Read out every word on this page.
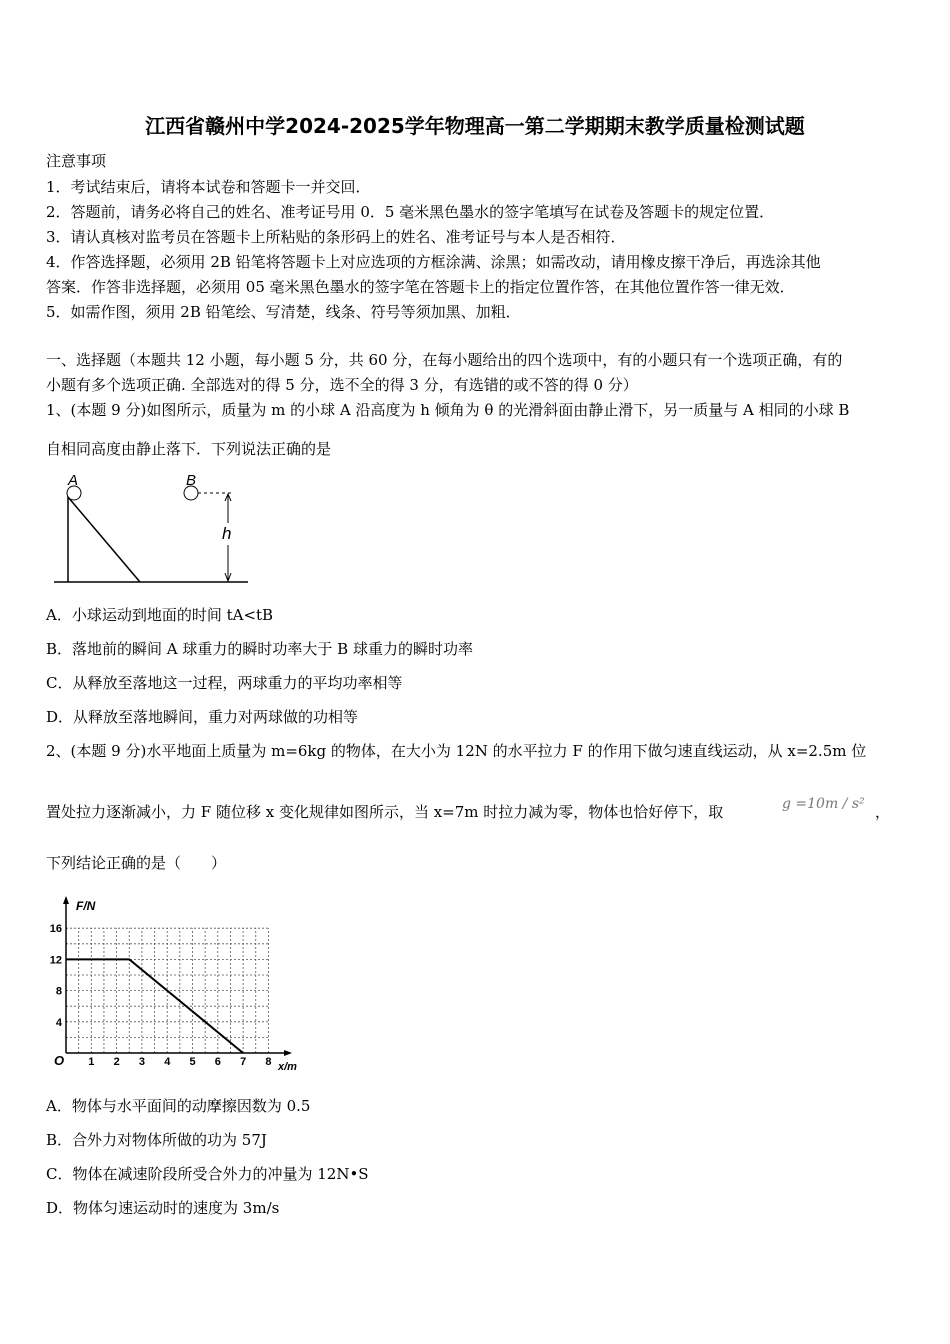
江西省赣州中学2024-2025学年物理高一第二学期期末教学质量检测试题
注意事项
1．考试结束后，请将本试卷和答题卡一并交回．
2．答题前，请务必将自己的姓名、准考证号用 0．5 毫米黑色墨水的签字笔填写在试卷及答题卡的规定位置．
3．请认真核对监考员在答题卡上所粘贴的条形码上的姓名、准考证号与本人是否相符．
4．作答选择题，必须用 2B 铅笔将答题卡上对应选项的方框涂满、涂黑；如需改动，请用橡皮擦干净后，再选涂其他
答案．作答非选择题，必须用 05 毫米黑色墨水的签字笔在答题卡上的指定位置作答，在其他位置作答一律无效．
5．如需作图，须用 2B 铅笔绘、写清楚，线条、符号等须加黑、加粗．
一、选择题（本题共 12 小题，每小题 5 分，共 60 分，在每小题给出的四个选项中，有的小题只有一个选项正确，有的
小题有多个选项正确. 全部选对的得 5 分，选不全的得 3 分，有选错的或不答的得 0 分）
1、(本题 9 分)如图所示，质量为 m 的小球 A 沿高度为 h 倾角为 θ 的光滑斜面由静止滑下，另一质量与 A 相同的小球 B
自相同高度由静止落下．下列说法正确的是
A	B
h
A．小球运动到地面的时间 tA<tB
B．落地前的瞬间 A 球重力的瞬时功率大于 B 球重力的瞬时功率
C．从释放至落地这一过程，两球重力的平均功率相等
D．从释放至落地瞬间，重力对两球做的功相等
2、(本题 9 分)水平地面上质量为 m=6kg 的物体，在大小为 12N 的水平拉力 F 的作用下做匀速直线运动，从 x=2.5m 位
置处拉力逐渐减小，力 F 随位移 x 变化规律如图所示，当 x=7m 时拉力减为零，物体也恰好停下，取	g =10m / s² ，
下列结论正确的是（　　）
F/N
x/m
O 1 2 3 4 5 6 7 8
4
8
12
16
A．物体与水平面间的动摩擦因数为 0.5
B．合外力对物体所做的功为 57J
C．物体在减速阶段所受合外力的冲量为 12N•S
D．物体匀速运动时的速度为 3m/s
